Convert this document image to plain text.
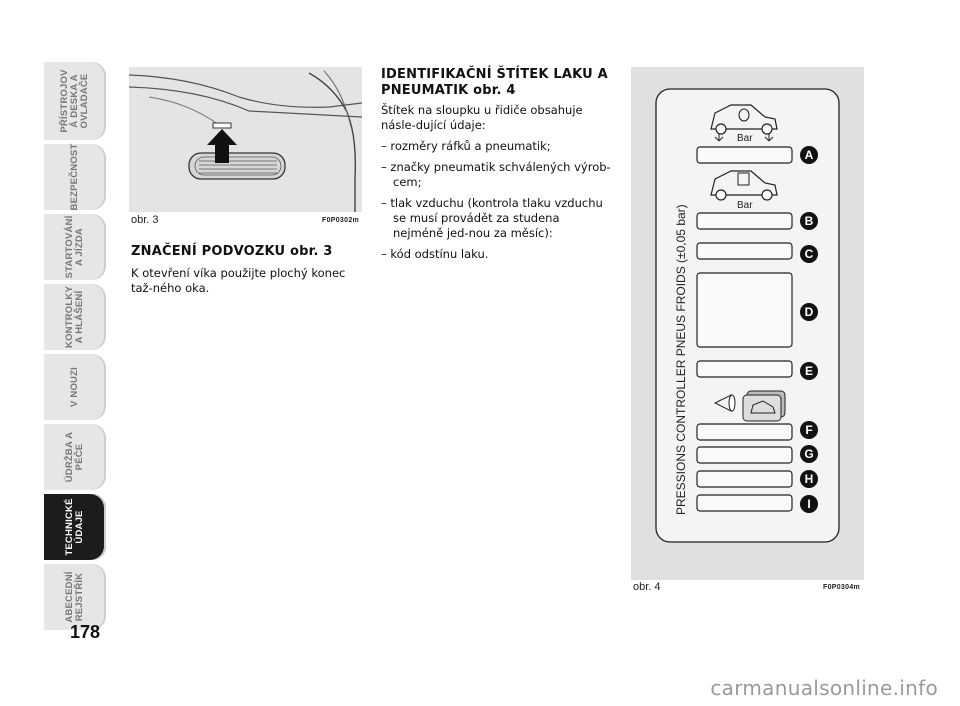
PŘÍSTROJOV
Á DESKA A
OVLADAČE
BEZPEČNOST
STARTOVÁNÍ
A JÍZDA
KONTROLKY
A HLÁŠENÍ
V NOUZI
ÚDRŽBA A
PÉČE
TECHNICKÉ
ÚDAJE
ABECEDNÍ
REJSTŘÍK
178
obr. 3	F0P0302m
ZNAČENÍ PODVOZKU obr. 3
K otevření víka použijte plochý konec taž-ného oka.
IDENTIFIKAČNÍ ŠTÍTEK LAKU A
PNEUMATIK obr. 4
Štítek na sloupku u řidiče obsahuje násle-dující údaje:
– rozměry ráfků a pneumatik;
– značky pneumatik schválených výrob-cem;
– tlak vzduchu (kontrola tlaku vzduchu se musí provádět za studena nejméně jed-nou za měsíc):
– kód odstínu laku.	PRESSIONS CONTROLLER PNEUS FROIDS (±0,05 bar)
Bar
Bar
A
B
C
D
E
F
G
H
I
obr. 4	F0P0304m
carmanualsonline.info
